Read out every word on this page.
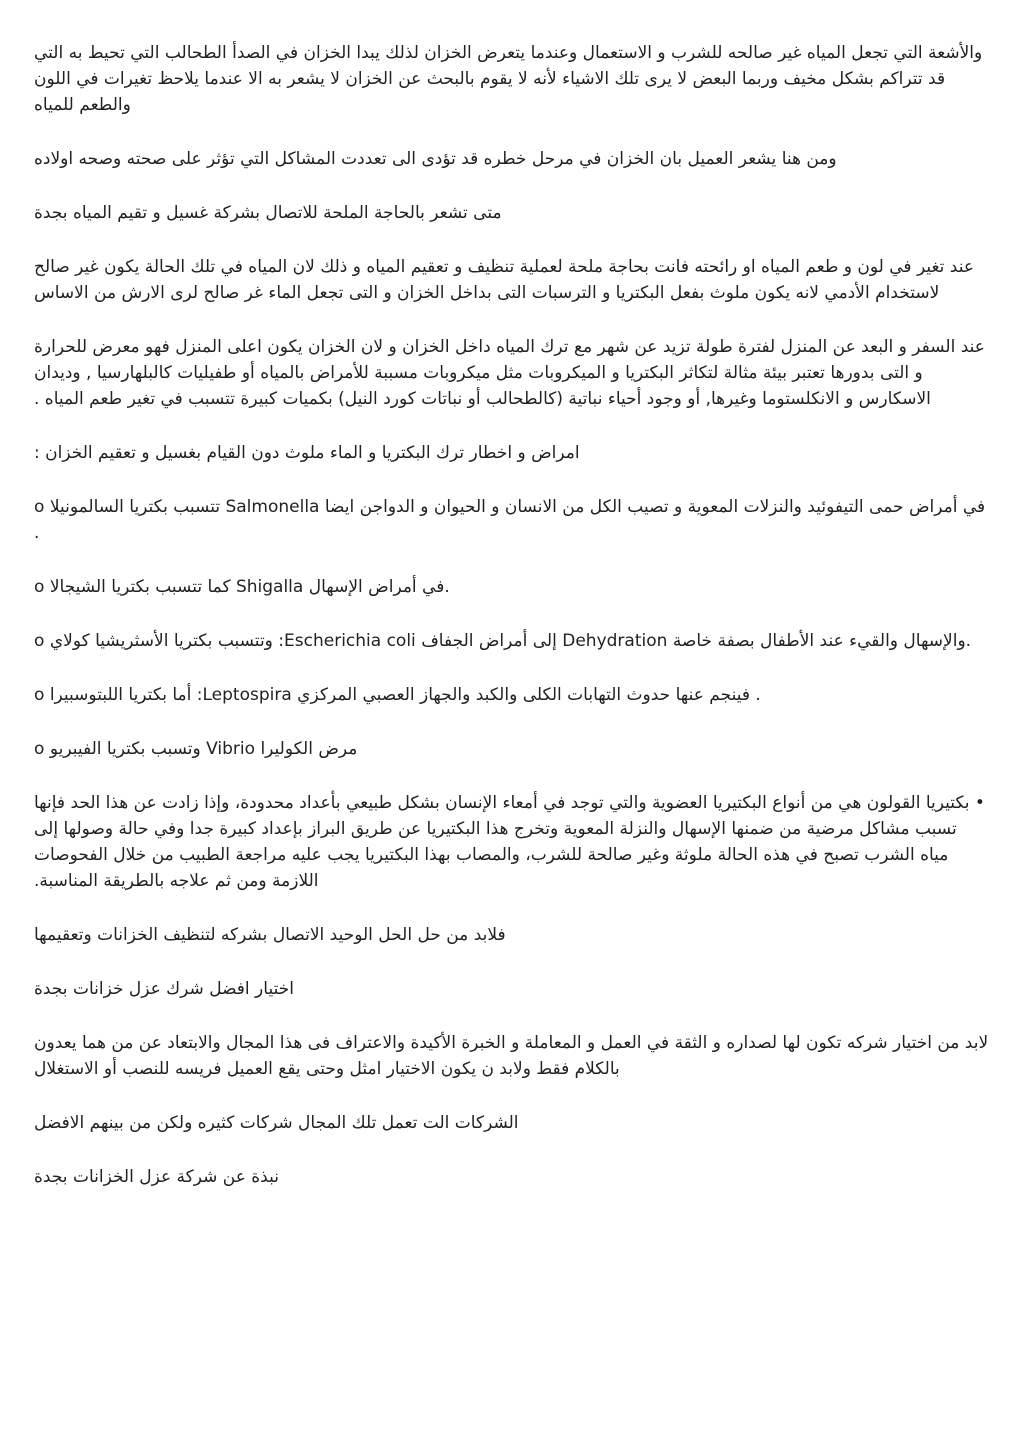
والأشعة التي تجعل المياه غير صالحه للشرب و الاستعمال وعندما يتعرض الخزان لذلك يبدا الخزان في الصدأ الطحالب التي تحيط به التي قد تتراكم بشكل مخيف وربما البعض لا يرى تلك الاشياء لأنه لا يقوم بالبحث عن الخزان لا يشعر به الا عندما يلاحظ تغيرات في اللون والطعم للمياه

ومن هنا يشعر العميل بان الخزان في مرحل خطره قد تؤدى الى تعددت المشاكل التي تؤثر على صحته وصحه اولاده

متى تشعر بالحاجة الملحة للاتصال بشركة غسيل و تقيم المياه بجدة

عند تغير في لون و طعم المياه او رائحته فانت بحاجة ملحة لعملية تنظيف و تعقيم المياه و ذلك لان المياه في تلك الحالة يكون غير صالح لاستخدام الأدمي لانه يكون ملوث بفعل البكتريا و الترسبات التى بداخل الخزان و التى تجعل الماء غر صالح لرى الارش من الاساس

عند السفر و البعد عن المنزل لفترة طولة تزيد عن شهر مع ترك المياه داخل الخزان و لان الخزان يكون اعلى المنزل فهو معرض للحرارة و التى بدورها تعتبر بيئة مثالة لتكاثر البكتريا و الميكروبات مثل ميكروبات مسببة للأمراض بالمياه أو طفيليات كالبلهارسيا , وديدان الاسكارس و الانكلستوما وغيرها, أو وجود أحياء نباتية (كالطحالب أو نباتات كورد النيل) بكميات كبيرة تتسبب في تغير طعم المياه .

امراض و اخطار ترك البكتريا و الماء ملوث دون القيام بغسيل و تعقيم الخزان :

o تتسبب بكتريا السالمونيلا Salmonella في أمراض حمى التيفوئيد والنزلات المعوية و تصيب الكل من الانسان و الحيوان و الدواجن ايضا .

o كما تتسبب بكتريا الشيجالا Shigalla في أمراض الإسهال.

o وتتسبب بكتريا الأسثريشيا كولاي :Escherichia coli إلى أمراض الجفاف Dehydration والإسهال والقيء عند الأطفال بصفة خاصة.

o أما بكتريا اللبتوسبيرا :Leptospira فينجم عنها حدوث التهابات الكلى والكبد والجهاز العصبي المركزي .

o وتسبب بكتريا الفيبريو Vibrio مرض الكوليرا

• بكتيريا القولون هي من أنواع البكتيريا العضوية والتي توجد في أمعاء الإنسان بشكل طبيعي بأعداد محدودة، وإذا زادت عن هذا الحد فإنها تسبب مشاكل مرضية من ضمنها الإسهال والنزلة المعوية وتخرج هذا البكتيريا عن طريق البراز بإعداد كبيرة جدا وفي حالة وصولها إلى مياه الشرب تصبح في هذه الحالة ملوثة وغير صالحة للشرب، والمصاب بهذا البكتيريا يجب عليه مراجعة الطبيب من خلال الفحوصات اللازمة ومن ثم علاجه بالطريقة المناسبة.

فلابد من حل الحل الوحيد الاتصال بشركه لتنظيف الخزانات وتعقيمها

اختيار افضل شرك عزل خزانات بجدة

لابد من اختيار شركه تكون لها لصداره و الثقة في العمل و المعاملة و الخبرة الأكيدة والاعتراف فى هذا المجال والابتعاد عن من هما يعدون بالكلام فقط ولابد ن يكون الاختيار امثل وحتى يقع العميل فريسه للنصب أو الاستغلال

الشركات الت تعمل تلك المجال شركات كثيره ولكن من بينهم الافضل

نبذة عن شركة عزل الخزانات بجدة
